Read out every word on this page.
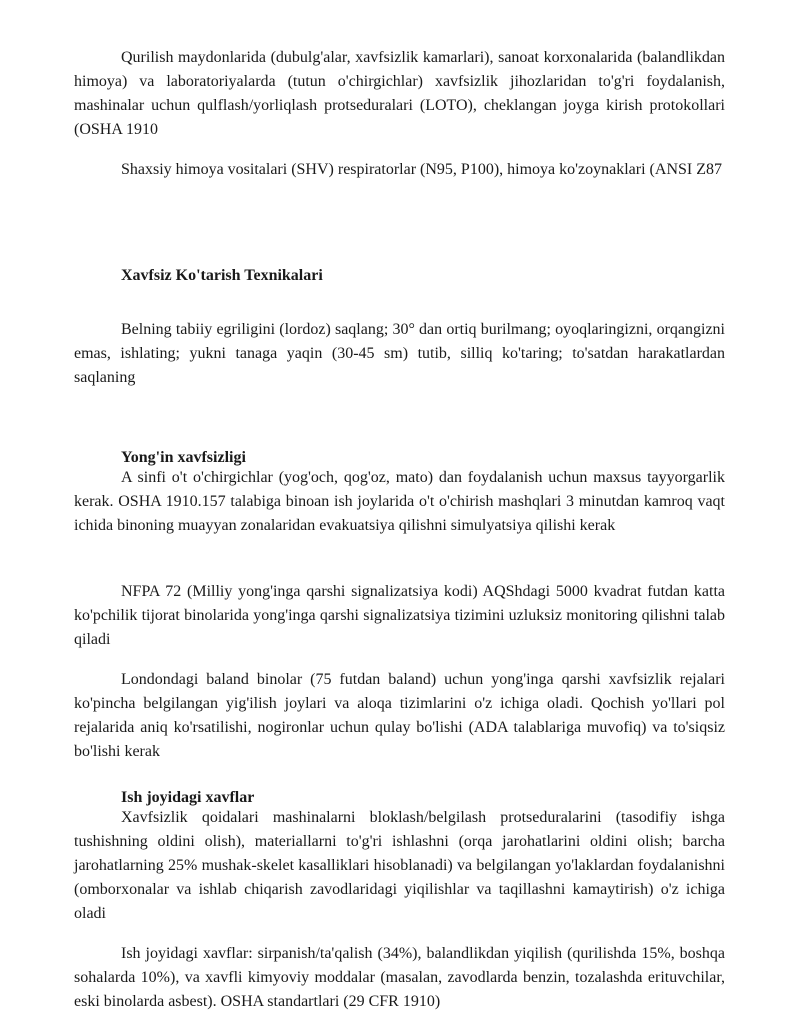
Qurilish maydonlarida (dubulg'alar, xavfsizlik kamarlari), sanoat korxonalarida (balandlikdan himoya) va laboratoriyalarda (tutun o'chirgichlar) xavfsizlik jihozlaridan to'g'ri foydalanish, mashinalar uchun qulflash/yorliqlash protseduralari (LOTO), cheklangan joyga kirish protokollari (OSHA 1910

Shaxsiy himoya vositalari (SHV) respiratorlar (N95, P100), himoya ko'zoynaklari (ANSI Z87

Xavfsiz Ko'tarish Texnikalari

Belning tabiiy egriligini (lordoz) saqlang; 30° dan ortiq burilmang; oyoqlaringizni, orqangizni emas, ishlating; yukni tanaga yaqin (30-45 sm) tutib, silliq ko'taring; to'satdan harakatlardan saqlaning

Yong'in xavfsizligi

A sinfi o't o'chirgichlar (yog'och, qog'oz, mato) dan foydalanish uchun maxsus tayyorgarlik kerak. OSHA 1910.157 talabiga binoan ish joylarida o't o'chirish mashqlari 3 minutdan kamroq vaqt ichida binoning muayyan zonalaridan evakuatsiya qilishni simulyatsiya qilishi kerak

NFPA 72 (Milliy yong'inga qarshi signalizatsiya kodi) AQShdagi 5000 kvadrat futdan katta ko'pchilik tijorat binolarida yong'inga qarshi signalizatsiya tizimini uzluksiz monitoring qilishni talab qiladi

Londondagi baland binolar (75 futdan baland) uchun yong'inga qarshi xavfsizlik rejalari ko'pincha belgilangan yig'ilish joylari va aloqa tizimlarini o'z ichiga oladi. Qochish yo'llari pol rejalarida aniq ko'rsatilishi, nogironlar uchun qulay bo'lishi (ADA talablariga muvofiq) va to'siqsiz bo'lishi kerak

Ish joyidagi xavflar

Xavfsizlik qoidalari mashinalarni bloklash/belgilash protseduralarini (tasodifiy ishga tushishning oldini olish), materiallarni to'g'ri ishlashni (orqa jarohatlarini oldini olish; barcha jarohatlarning 25% mushak-skelet kasalliklari hisoblanadi) va belgilangan yo'laklardan foydalanishni (omborxonalar va ishlab chiqarish zavodlaridagi yiqilishlar va taqillashni kamaytirish) o'z ichiga oladi

Ish joyidagi xavflar: sirpanish/ta'qalish (34%), balandlikdan yiqilish (qurilishda 15%, boshqa sohalarda 10%), va xavfli kimyoviy moddalar (masalan, zavodlarda benzin, tozalashda erituvchilar, eski binolarda asbest). OSHA standartlari (29 CFR 1910)
